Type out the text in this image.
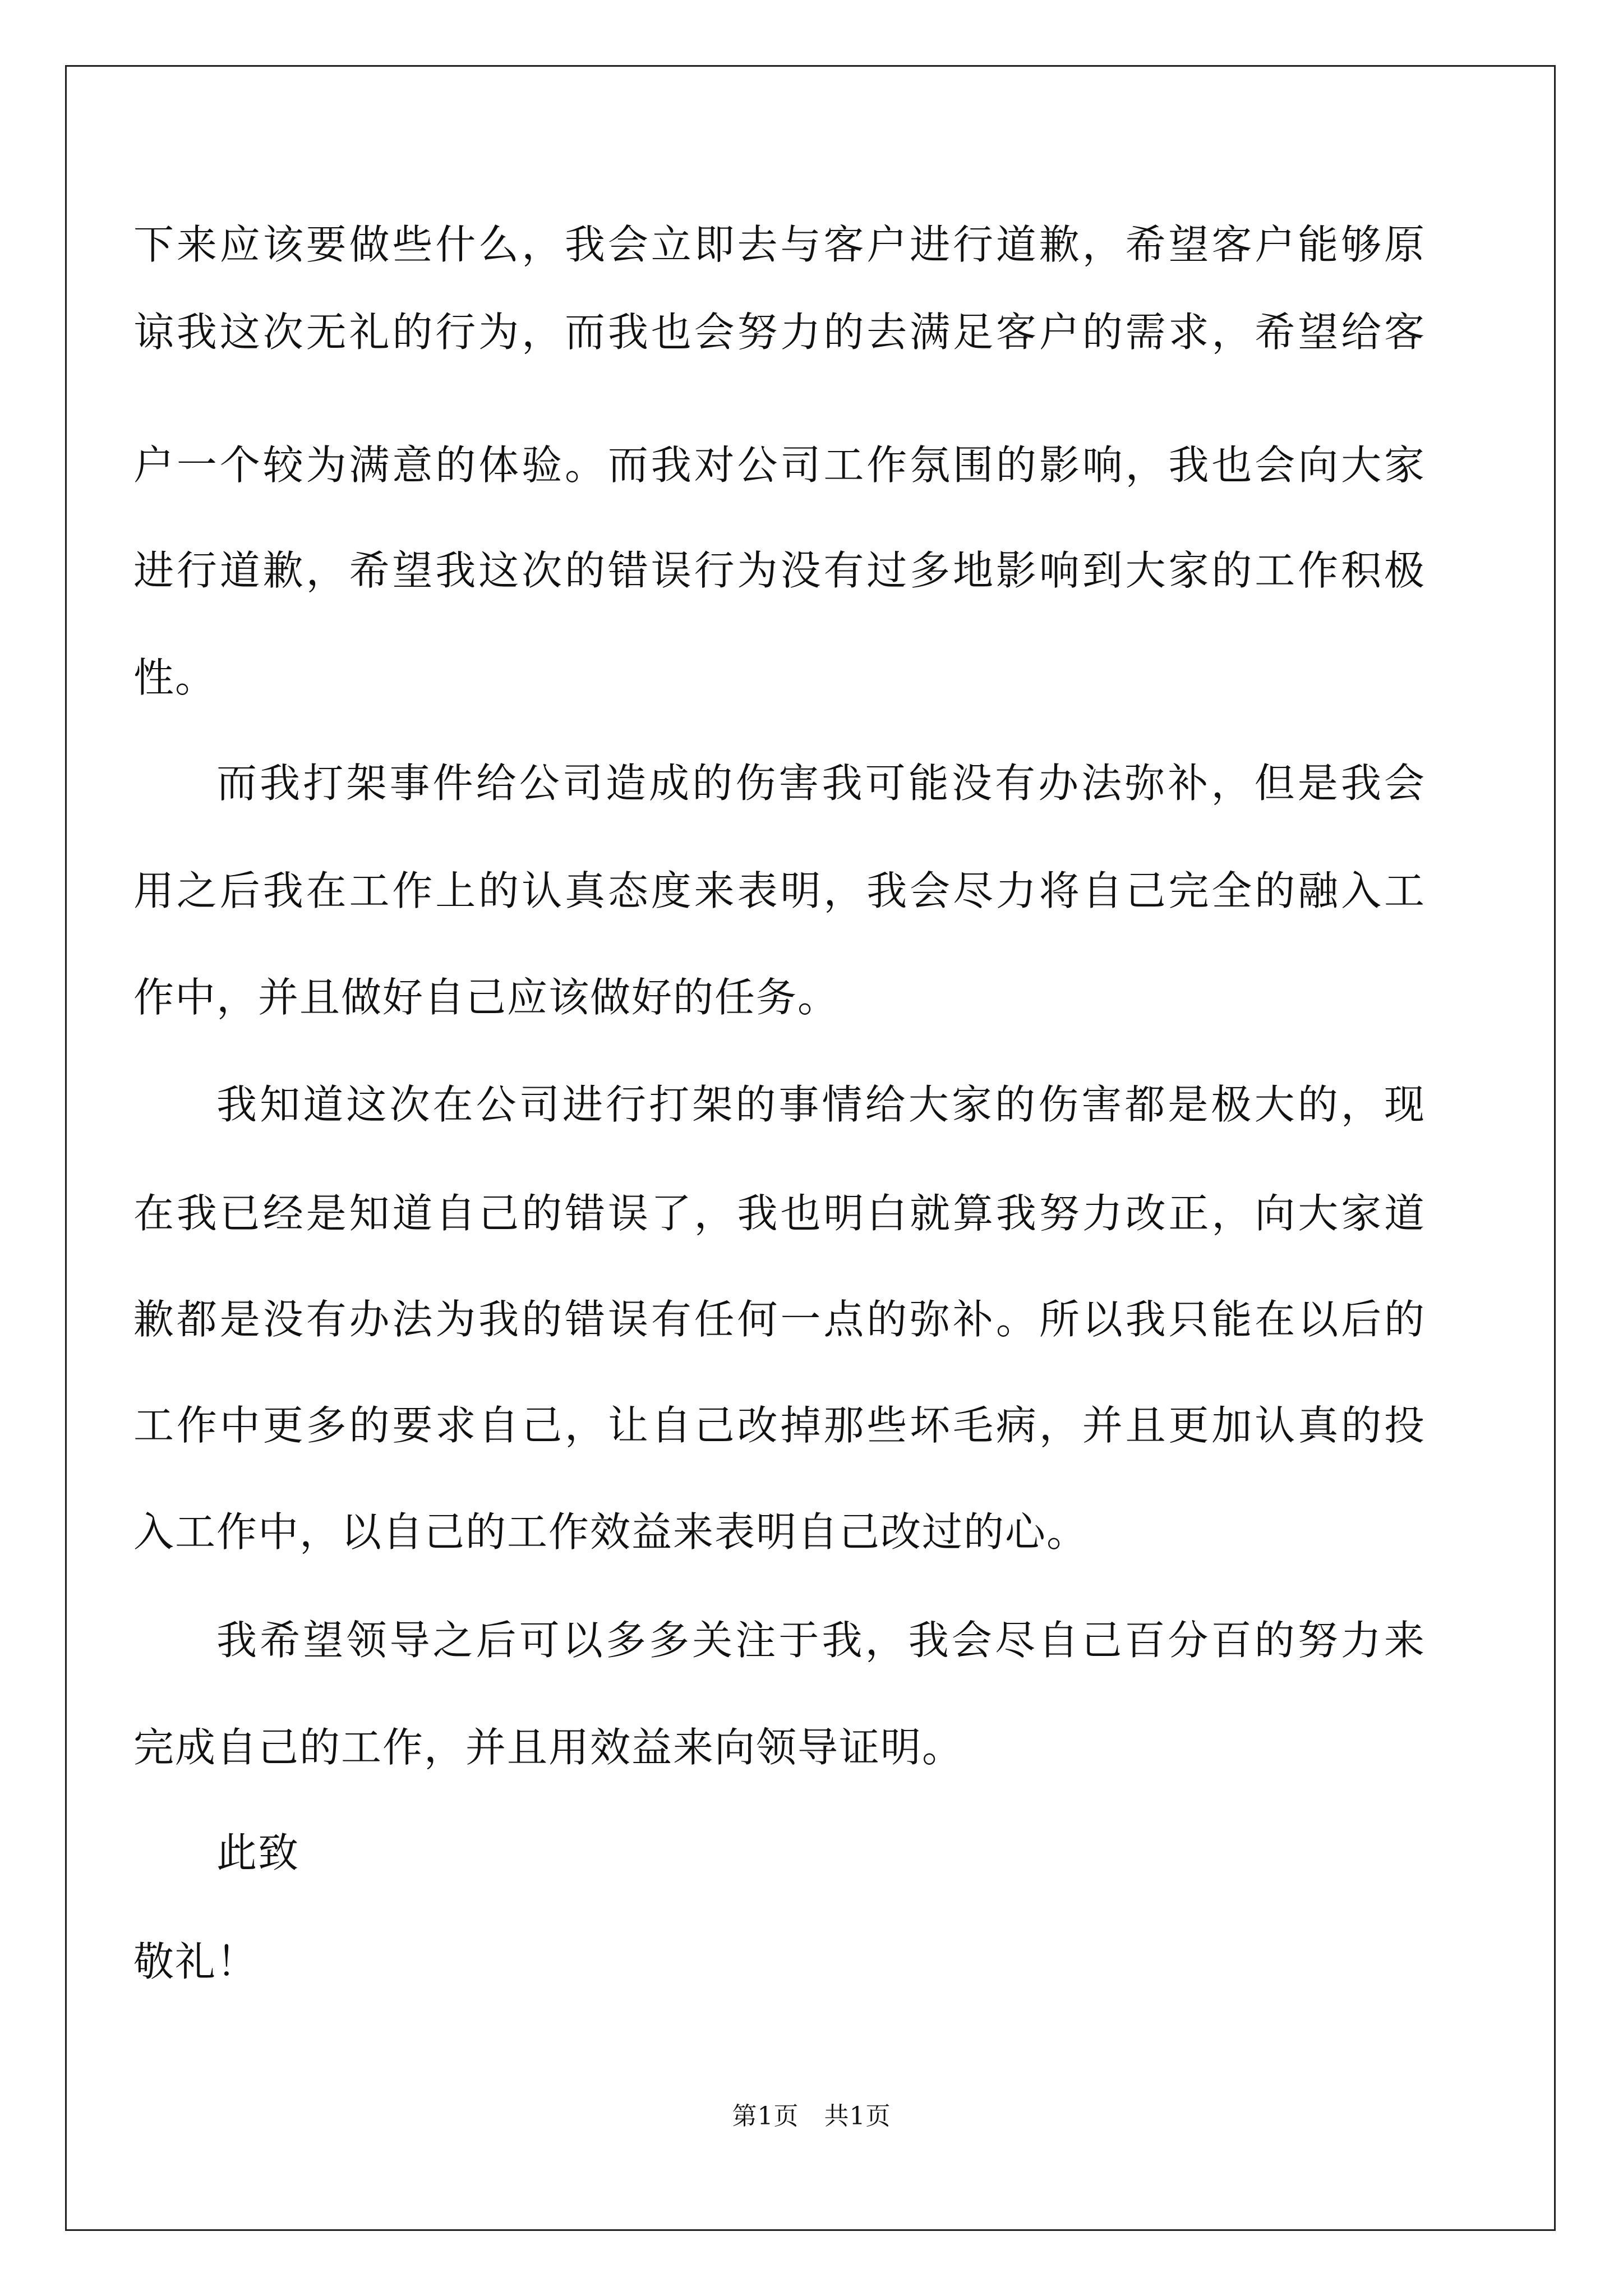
下来应该要做些什么，我会立即去与客户进行道歉，希望客户能够原
谅我这次无礼的行为，而我也会努力的去满足客户的需求，希望给客
户一个较为满意的体验。而我对公司工作氛围的影响，我也会向大家
进行道歉，希望我这次的错误行为没有过多地影响到大家的工作积极
性。
而我打架事件给公司造成的伤害我可能没有办法弥补，但是我会
用之后我在工作上的认真态度来表明，我会尽力将自己完全的融入工
作中，并且做好自己应该做好的任务。
我知道这次在公司进行打架的事情给大家的伤害都是极大的，现
在我已经是知道自己的错误了，我也明白就算我努力改正，向大家道
歉都是没有办法为我的错误有任何一点的弥补。所以我只能在以后的
工作中更多的要求自己，让自己改掉那些坏毛病，并且更加认真的投
入工作中，以自己的工作效益来表明自己改过的心。
我希望领导之后可以多多关注于我，我会尽自己百分百的努力来
完成自己的工作，并且用效益来向领导证明。
此致
敬礼！
第1页   共1页
